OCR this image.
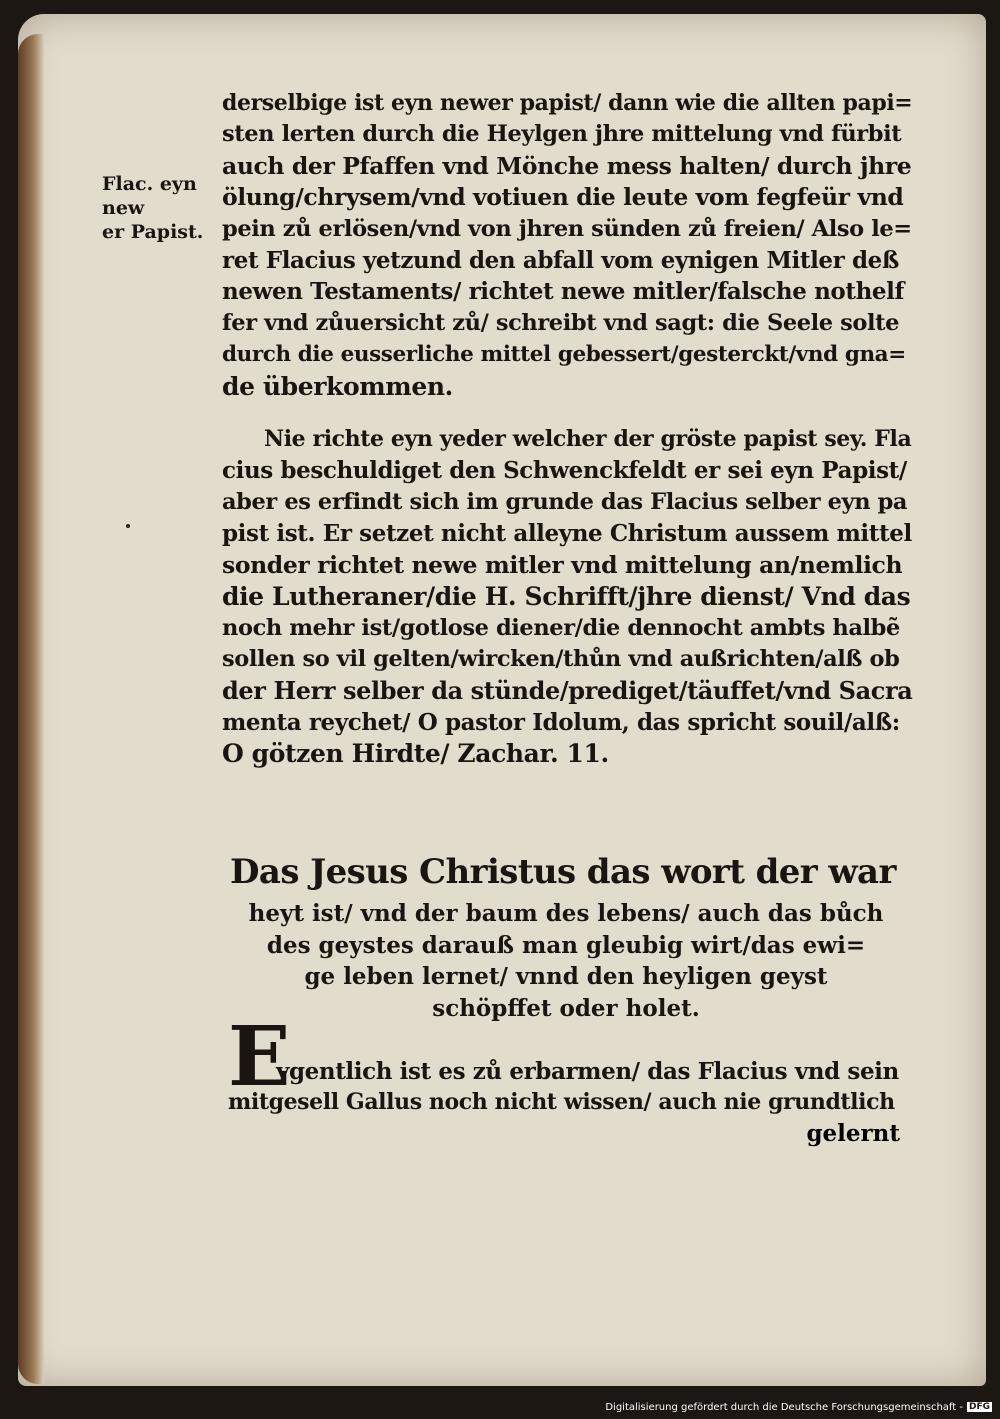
Flac. eyn new
er Papist.
derselbige ist eyn newer papist/ dann wie die allten papi=
sten lerten durch die Heylgen jhre mittelung vnd fürbit
auch der Pfaffen vnd Mönche mess halten/ durch jhre
ölung/chrysem/vnd votiuen die leute vom fegfeür vnd
pein zů erlösen/vnd von jhren sünden zů freien/ Also le=
ret Flacius yetzund den abfall vom eynigen Mitler deß
newen Testaments/ richtet newe mitler/falsche nothelf
fer vnd zůuersicht zů/ schreibt vnd sagt: die Seele solte
durch die eusserliche mittel gebessert/gesterckt/vnd gna=
de überkommen.
Nie richte eyn yeder welcher der gröste papist sey. Fla
cius beschuldiget den Schwenckfeldt er sei eyn Papist/
aber es erfindt sich im grunde das Flacius selber eyn pa
pist ist. Er setzet nicht alleyne Christum aussem mittel
sonder richtet newe mitler vnd mittelung an/nemlich
die Lutheraner/die H. Schrifft/jhre dienst/ Vnd das
noch mehr ist/gotlose diener/die dennocht ambts halbẽ
sollen so vil gelten/wircken/thůn vnd außrichten/alß ob
der Herr selber da stünde/prediget/täuffet/vnd Sacra
menta reychet/ O pastor Idolum, das spricht souil/alß:
O götzen Hirdte/ Zachar. 11.
Das Jesus Christus das wort der war
heyt ist/ vnd der baum des lebens/ auch das bůch
des geystes darauß man gleubig wirt/das ewi=
ge leben lernet/ vnnd den heyligen geyst
schöpffet oder holet.
E
ygentlich ist es zů erbarmen/ das Flacius vnd sein
mitgesell Gallus noch nicht wissen/ auch nie grundtlich
gelernt
Digitalisierung gefördert durch die Deutsche Forschungsgemeinschaft - DFG
